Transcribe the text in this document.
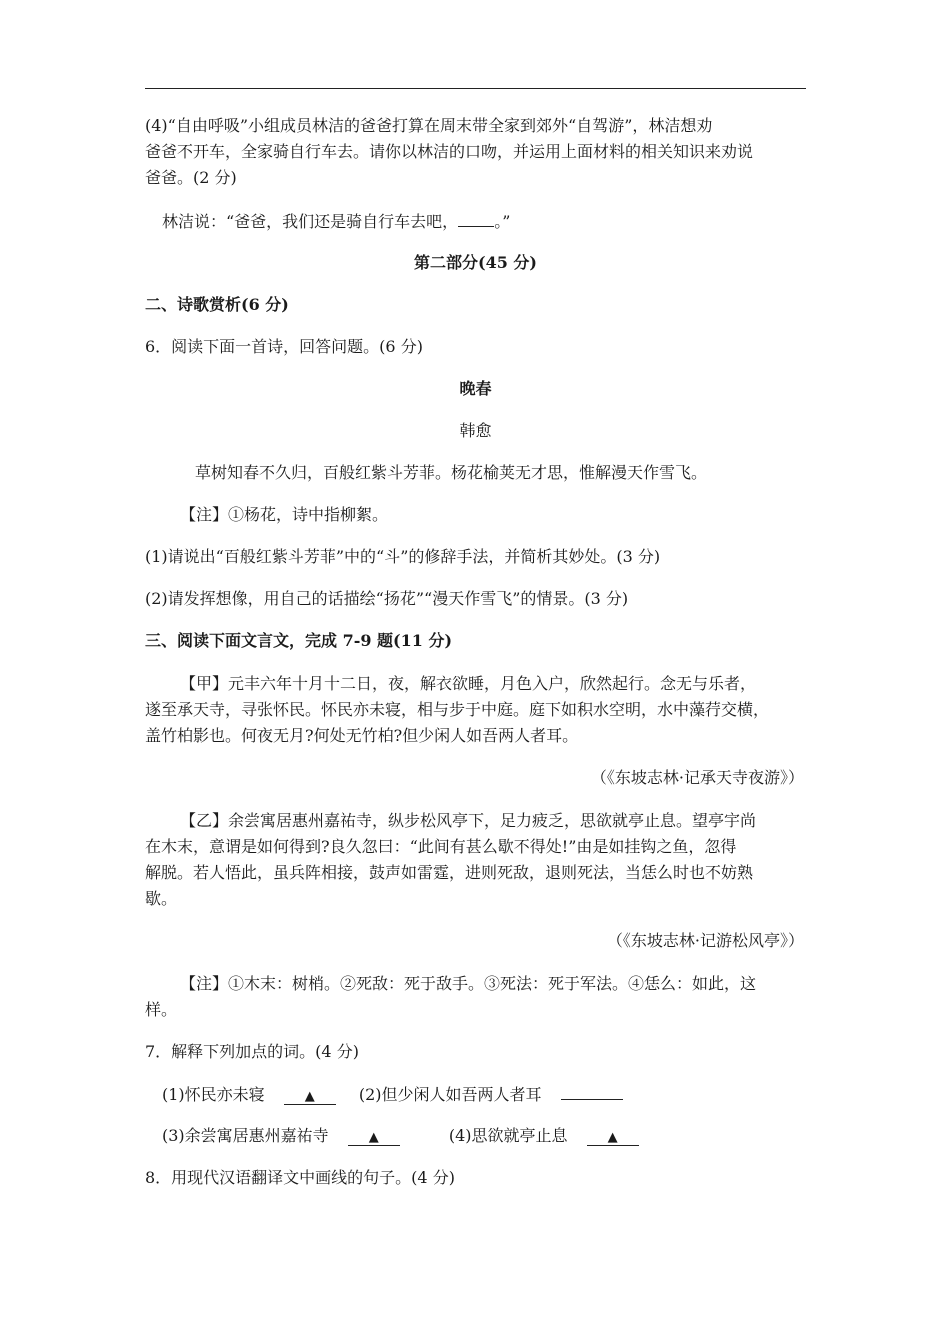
(4)“自由呼吸”小组成员林洁的爸爸打算在周末带全家到郊外“自驾游”，林洁想劝
爸爸不开车，全家骑自行车去。请你以林洁的口吻，并运用上面材料的相关知识来劝说
爸爸。(2 分)
林洁说：“爸爸，我们还是骑自行车去吧， 。”
第二部分(45 分)
二、诗歌赏析(6 分)
6．阅读下面一首诗，回答问题。(6 分)
晚春
韩愈
草树知春不久归，百般红紫斗芳菲。杨花榆荚无才思，惟解漫天作雪飞。
【注】①杨花，诗中指柳絮。
(1)请说出“百般红紫斗芳菲”中的“斗”的修辞手法，并简析其妙处。(3 分)
(2)请发挥想像，用自己的话描绘“扬花”“漫天作雪飞”的情景。(3 分)
三、阅读下面文言文，完成 7-9 题(11 分)
【甲】元丰六年十月十二日，夜，解衣欲睡，月色入户，欣然起行。念无与乐者，
遂至承天寺，寻张怀民。怀民亦未寝，相与步于中庭。庭下如积水空明，水中藻荇交横，
盖竹柏影也。何夜无月?何处无竹柏?但少闲人如吾两人者耳。
（《东坡志林·记承天寺夜游》）
【乙】余尝寓居惠州嘉祐寺，纵步松风亭下，足力疲乏，思欲就亭止息。望亭宇尚
在木末，意谓是如何得到?良久忽曰：“此间有甚么歇不得处!”由是如挂钩之鱼，忽得
解脱。若人悟此，虽兵阵相接，鼓声如雷霆，进则死敌，退则死法，当恁么时也不妨熟
歇。
（《东坡志林·记游松风亭》）
【注】①木末：树梢。②死敌：死于敌手。③死法：死于军法。④恁么：如此，这
样。
7．解释下列加点的词。(4 分)
(1)怀民亦未寝	▲	(2)但少闲人如吾两人者耳
(3)余尝寓居惠州嘉祐寺	▲	(4)思欲就亭止息	▲
8．用现代汉语翻译文中画线的句子。(4 分)
